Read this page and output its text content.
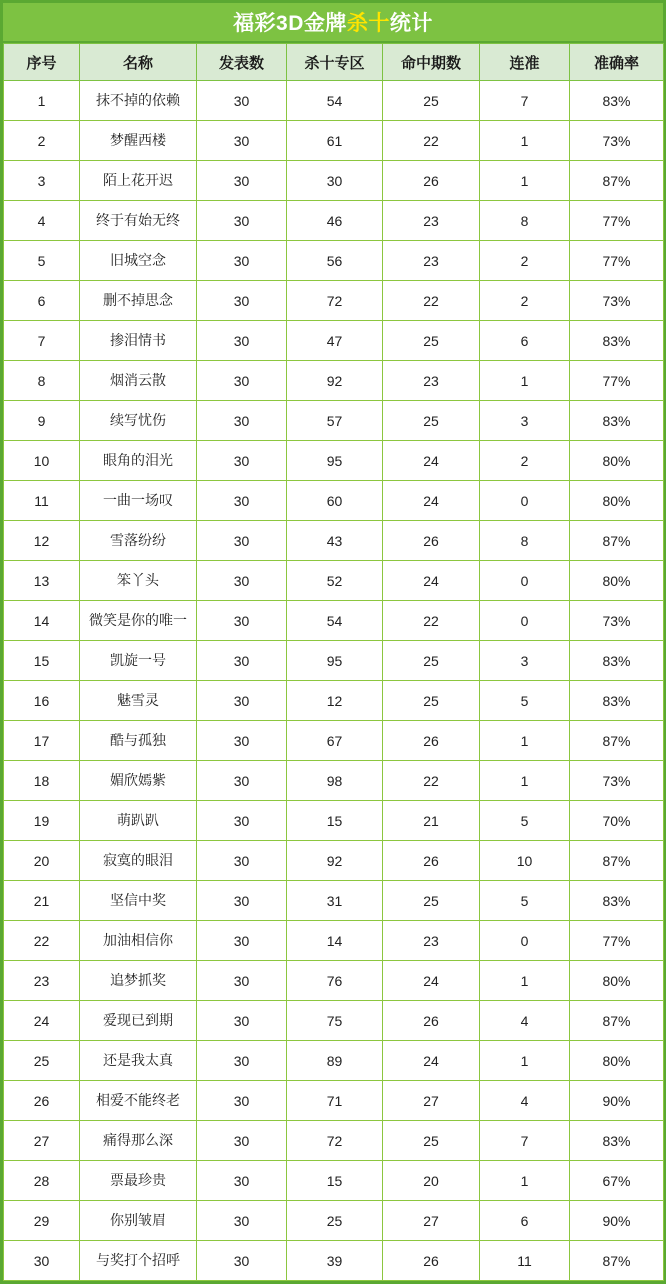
福彩3D金牌杀十统计
序号	名称	发表数	杀十专区	命中期数	连准	准确率
1	抹不掉的依赖	30	54	25	7	83%
2	梦醒西楼	30	61	22	1	73%
3	陌上花开迟	30	30	26	1	87%
4	终于有始无终	30	46	23	8	77%
5	旧城空念	30	56	23	2	77%
6	删不掉思念	30	72	22	2	73%
7	掺泪情书	30	47	25	6	83%
8	烟消云散	30	92	23	1	77%
9	续写忧伤	30	57	25	3	83%
10	眼角的泪光	30	95	24	2	80%
11	一曲一场叹	30	60	24	0	80%
12	雪落纷纷	30	43	26	8	87%
13	笨丫头	30	52	24	0	80%
14	微笑是你的唯一	30	54	22	0	73%
15	凯旋一号	30	95	25	3	83%
16	魅雪灵	30	12	25	5	83%
17	酷与孤独	30	67	26	1	87%
18	媚欣嫣紫	30	98	22	1	73%
19	萌趴趴	30	15	21	5	70%
20	寂寞的眼泪	30	92	26	10	87%
21	坚信中奖	30	31	25	5	83%
22	加油相信你	30	14	23	0	77%
23	追梦抓奖	30	76	24	1	80%
24	爱现已到期	30	75	26	4	87%
25	还是我太真	30	89	24	1	80%
26	相爱不能终老	30	71	27	4	90%
27	痛得那么深	30	72	25	7	83%
28	票最珍贵	30	15	20	1	67%
29	你别皱眉	30	25	27	6	90%
30	与奖打个招呼	30	39	26	11	87%
